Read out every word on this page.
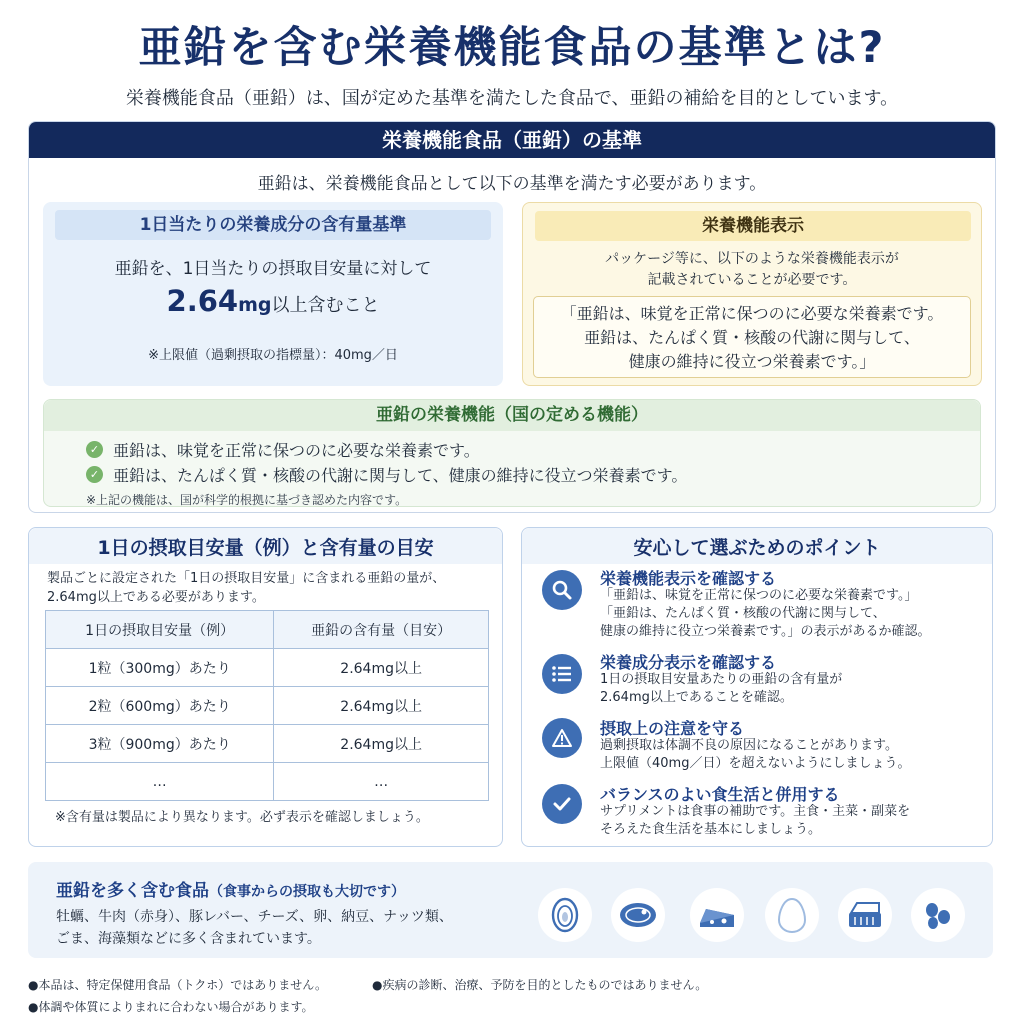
亜鉛を含む栄養機能食品の基準とは?
栄養機能食品（亜鉛）は、国が定めた基準を満たした食品で、亜鉛の補給を目的としています。
栄養機能食品（亜鉛）の基準
亜鉛は、栄養機能食品として以下の基準を満たす必要があります。
1日当たりの栄養成分の含有量基準
亜鉛を、1日当たりの摂取目安量に対して
2.64mg以上含むこと
※上限値（過剰摂取の指標量）：40mg／日
栄養機能表示
パッケージ等に、以下のような栄養機能表示が
記載されていることが必要です。
「亜鉛は、味覚を正常に保つのに必要な栄養素です。
亜鉛は、たんぱく質・核酸の代謝に関与して、
健康の維持に役立つ栄養素です。」
亜鉛の栄養機能（国の定める機能）
✓ 亜鉛は、味覚を正常に保つのに必要な栄養素です。
✓ 亜鉛は、たんぱく質・核酸の代謝に関与して、健康の維持に役立つ栄養素です。
※上記の機能は、国が科学的根拠に基づき認めた内容です。
1日の摂取目安量（例）と含有量の目安
製品ごとに設定された「1日の摂取目安量」に含まれる亜鉛の量が、
2.64mg以上である必要があります。
1日の摂取目安量（例）	亜鉛の含有量（目安）
1粒（300mg）あたり	2.64mg以上
2粒（600mg）あたり	2.64mg以上
3粒（900mg）あたり	2.64mg以上
…	…
※含有量は製品により異なります。必ず表示を確認しましょう。
安心して選ぶためのポイント
栄養機能表示を確認する
「亜鉛は、味覚を正常に保つのに必要な栄養素です。」
「亜鉛は、たんぱく質・核酸の代謝に関与して、
健康の維持に役立つ栄養素です。」の表示があるか確認。
栄養成分表示を確認する
1日の摂取目安量あたりの亜鉛の含有量が
2.64mg以上であることを確認。
摂取上の注意を守る
過剰摂取は体調不良の原因になることがあります。
上限値（40mg／日）を超えないようにしましょう。
バランスのよい食生活と併用する
サプリメントは食事の補助です。主食・主菜・副菜を
そろえた食生活を基本にしましょう。
亜鉛を多く含む食品（食事からの摂取も大切です）
牡蠣、牛肉（赤身）、豚レバー、チーズ、卵、納豆、ナッツ類、
ごま、海藻類などに多く含まれています。
●本品は、特定保健用食品（トクホ）ではありません。	●疾病の診断、治療、予防を目的としたものではありません。
●体調や体質によりまれに合わない場合があります。
